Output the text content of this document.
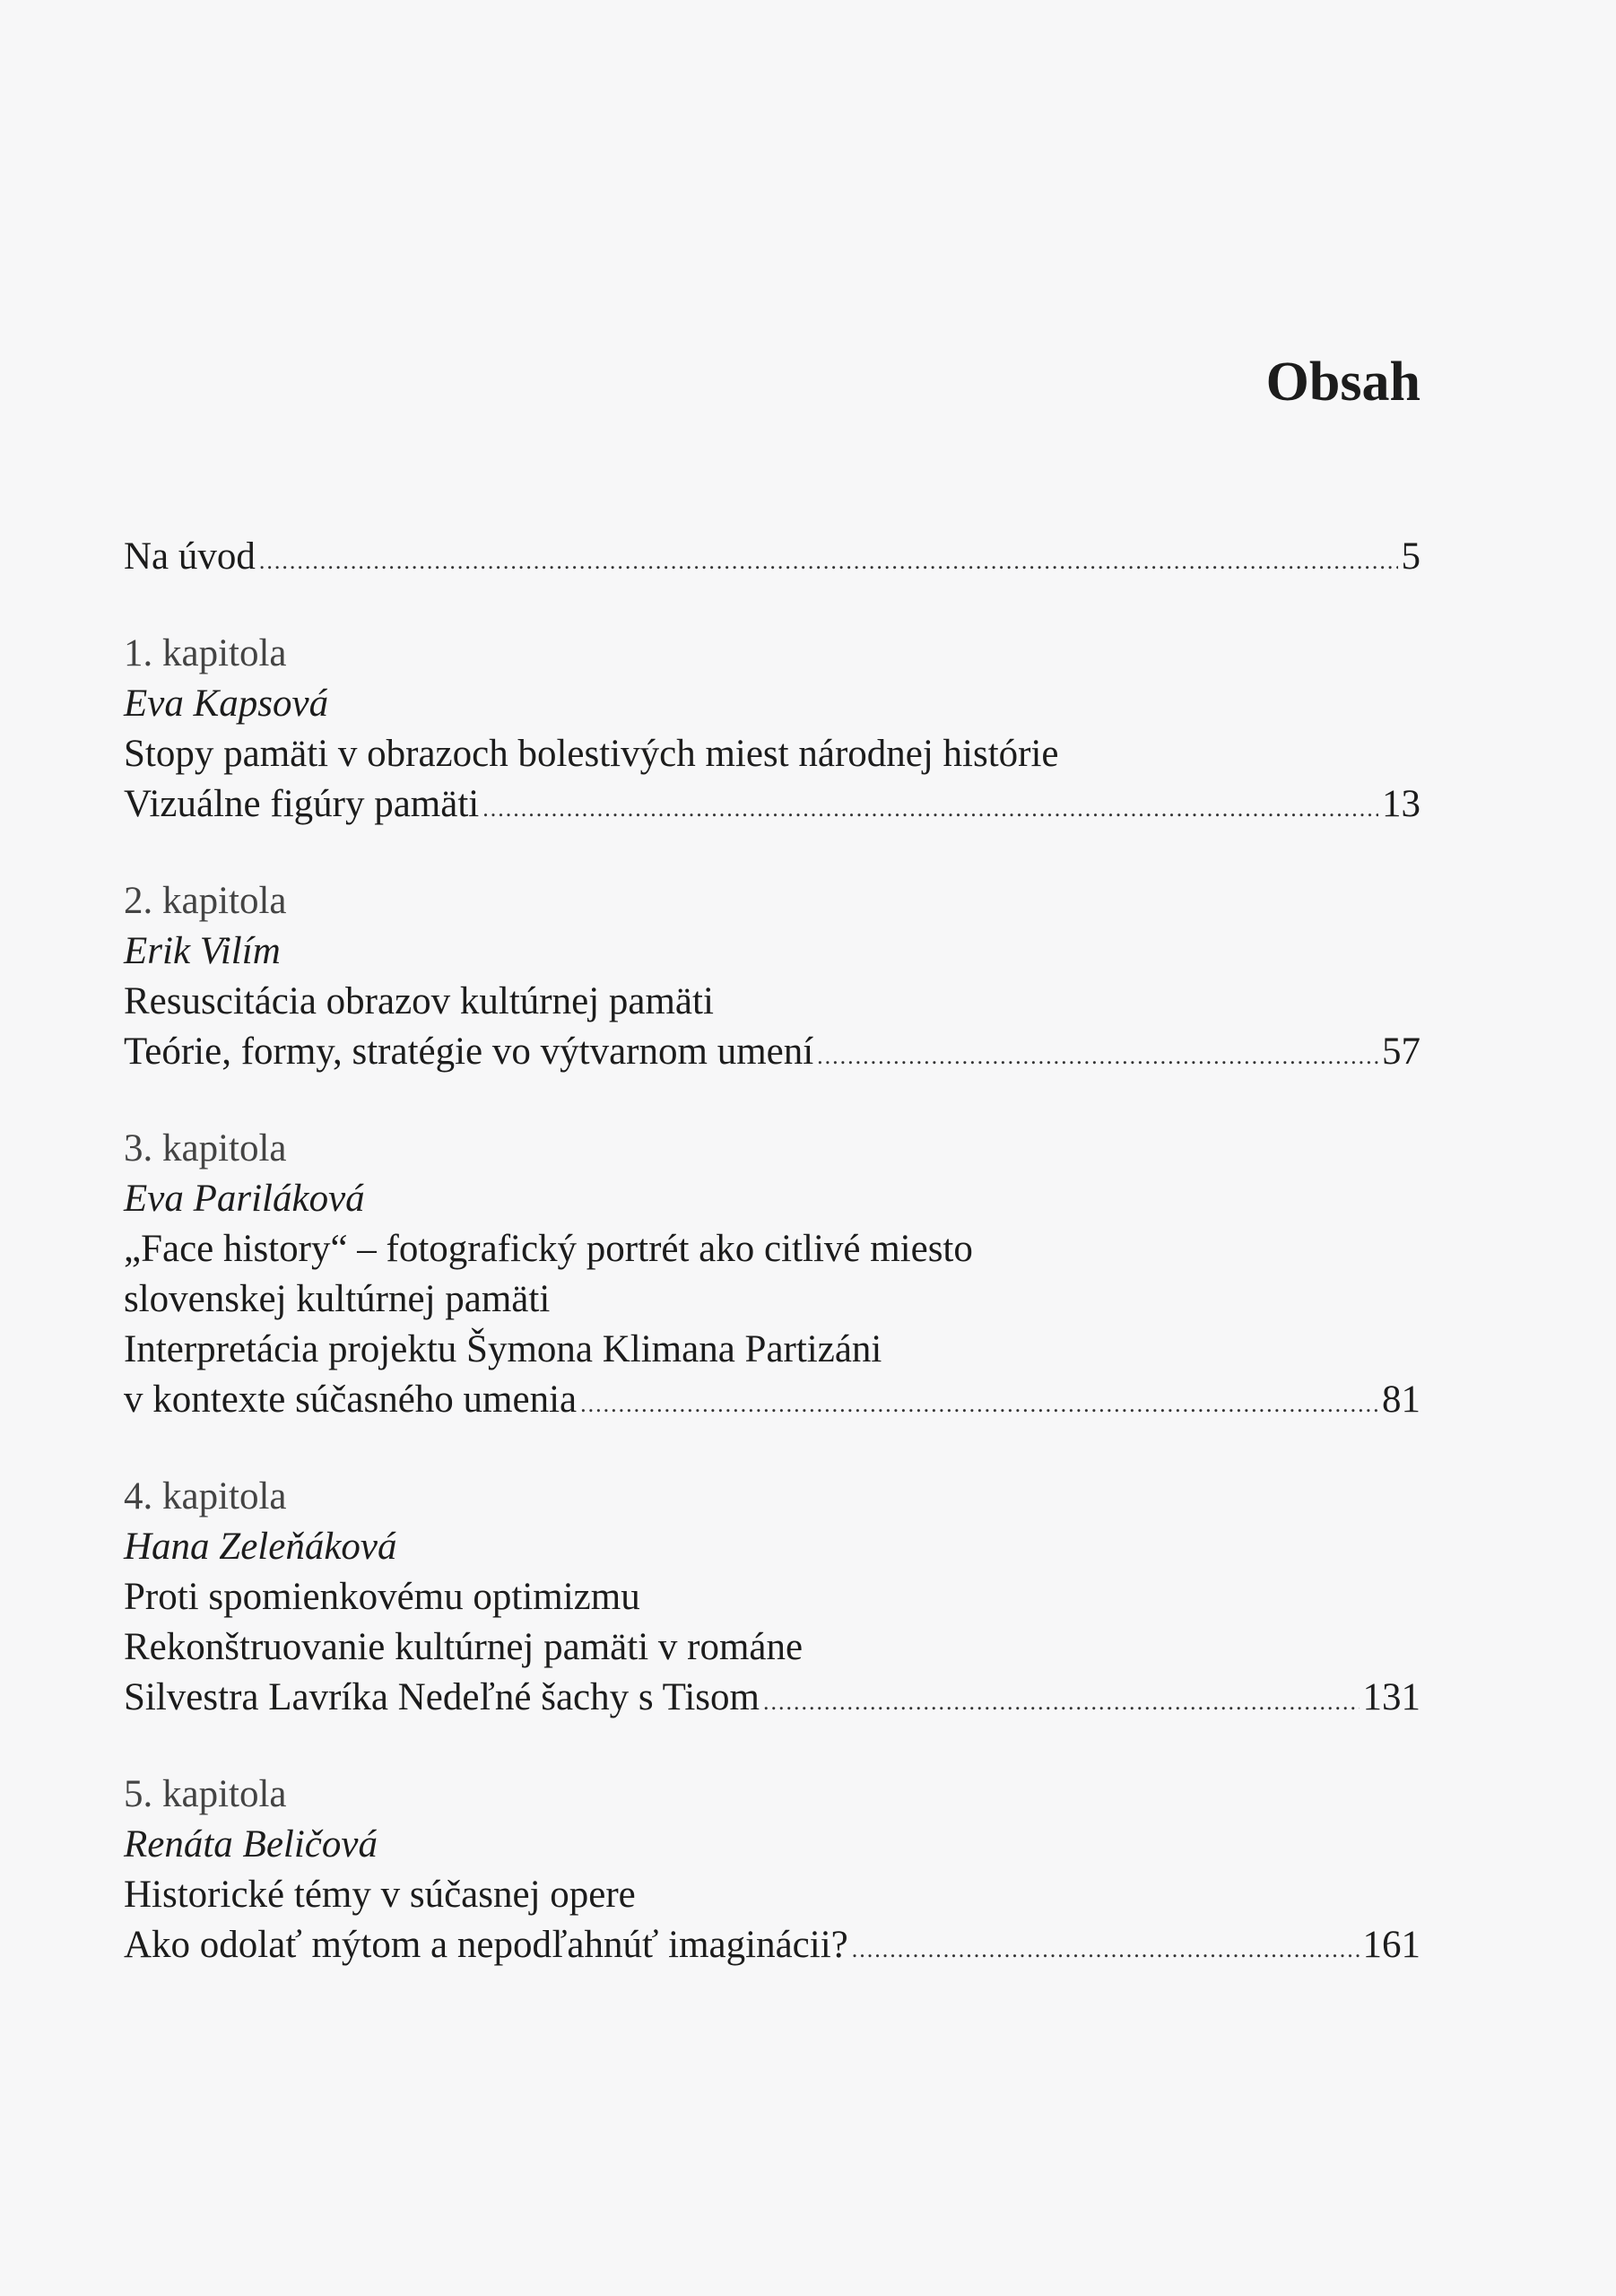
Obsah
Na úvod .....	5
1. kapitola
Eva Kapsová
Stopy pamäti v obrazoch bolestivých miest národnej histórie
Vizuálne figúry pamäti .....	13
2. kapitola
Erik Vilím
Resuscitácia obrazov kultúrnej pamäti
Teórie, formy, stratégie vo výtvarnom umení .....	57
3. kapitola
Eva Pariláková
„Face history“ – fotografický portrét ako citlivé miesto
slovenskej kultúrnej pamäti
Interpretácia projektu Šymona Klimana Partizáni
v kontexte súčasného umenia .....	81
4. kapitola
Hana Zeleňáková
Proti spomienkovému optimizmu
Rekonštruovanie kultúrnej pamäti v románe
Silvestra Lavríka Nedeľné šachy s Tisom .....	131
5. kapitola
Renáta Beličová
Historické témy v súčasnej opere
Ako odolať mýtom a nepodľahnúť imaginácii? .....	161
